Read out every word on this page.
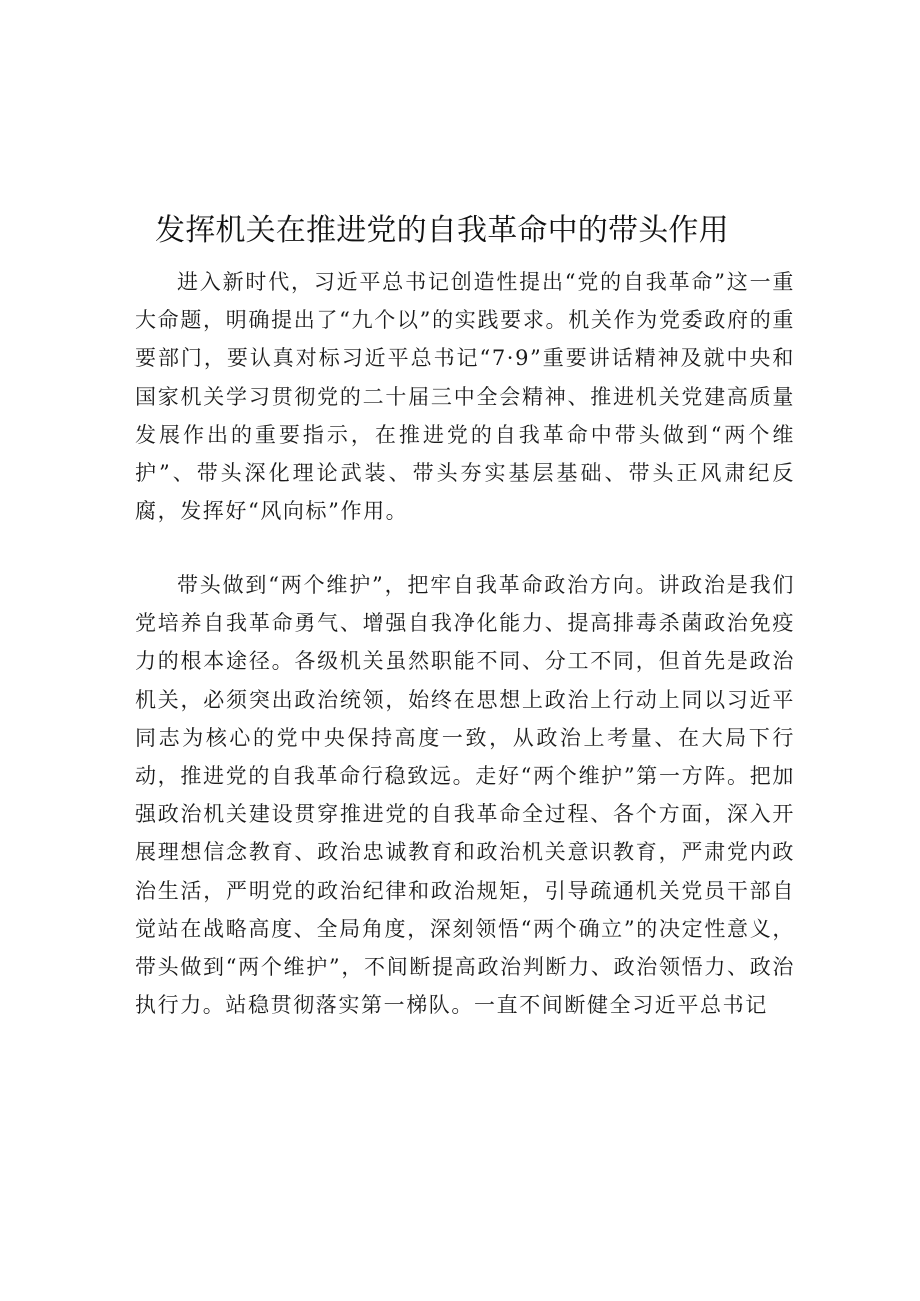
发挥机关在推进党的自我革命中的带头作用

进入新时代，习近平总书记创造性提出“党的自我革命”这一重大命题，明确提出了“九个以”的实践要求。机关作为党委政府的重要部门，要认真对标习近平总书记“7·9”重要讲话精神及就中央和国家机关学习贯彻党的二十届三中全会精神、推进机关党建高质量发展作出的重要指示，在推进党的自我革命中带头做到“两个维护”、带头深化理论武装、带头夯实基层基础、带头正风肃纪反腐，发挥好“风向标”作用。

带头做到“两个维护”，把牢自我革命政治方向。讲政治是我们党培养自我革命勇气、增强自我净化能力、提高排毒杀菌政治免疫力的根本途径。各级机关虽然职能不同、分工不同，但首先是政治机关，必须突出政治统领，始终在思想上政治上行动上同以习近平同志为核心的党中央保持高度一致，从政治上考量、在大局下行动，推进党的自我革命行稳致远。走好“两个维护”第一方阵。把加强政治机关建设贯穿推进党的自我革命全过程、各个方面，深入开展理想信念教育、政治忠诚教育和政治机关意识教育，严肃党内政治生活，严明党的政治纪律和政治规矩，引导疏通机关党员干部自觉站在战略高度、全局角度，深刻领悟“两个确立”的决定性意义，带头做到“两个维护”，不间断提高政治判断力、政治领悟力、政治执行力。站稳贯彻落实第一梯队。一直不间断健全习近平总书记
